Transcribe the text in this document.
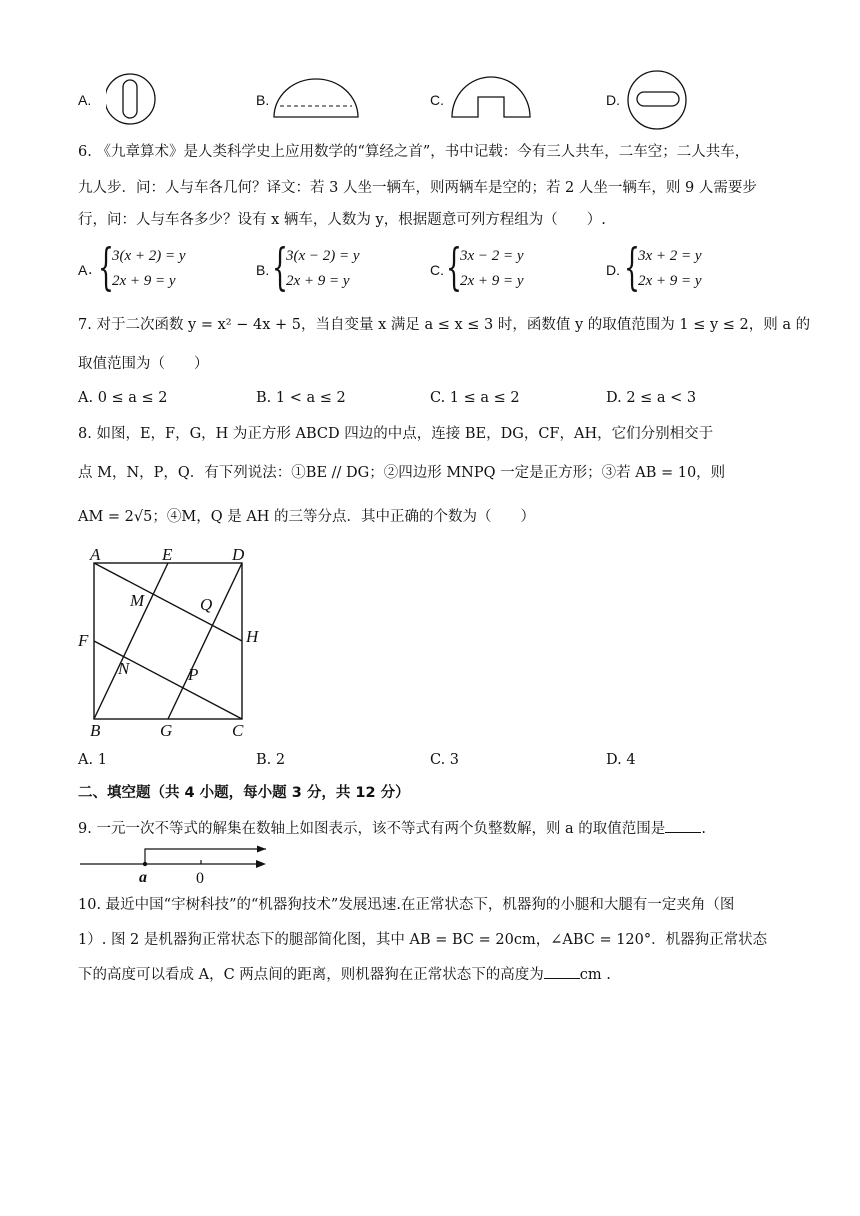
A.	B.	C.	D.
6. 《九章算术》是人类科学史上应用数学的“算经之首”，书中记载：今有三人共车，二车空；二人共车，
九人步．问：人与车各几何？译文：若 3 人坐一辆车，则两辆车是空的；若 2 人坐一辆车，则 9 人需要步
行，问：人与车各多少？设有 x 辆车，人数为 y，根据题意可列方程组为（　　）.
A . {
3(x + 2) = y
2x + 9 = y
B. {
3(x − 2) = y
2x + 9 = y
C. {
3x − 2 = y
2x + 9 = y
D. {
3x + 2 = y
2x + 9 = y
7. 对于二次函数 y = x² − 4x + 5，当自变量 x 满足 a ≤ x ≤ 3 时，函数值 y 的取值范围为 1 ≤ y ≤ 2，则 a 的
取值范围为（　　）
A. 0 ≤ a ≤ 2	B. 1 < a ≤ 2	C. 1 ≤ a ≤ 2	D. 2 ≤ a < 3
8. 如图，E，F，G，H 为正方形 ABCD 四边的中点，连接 BE，DG，CF，AH，它们分别相交于
点 M，N，P，Q．有下列说法：①BE // DG；②四边形 MNPQ 一定是正方形；③若 AB = 10，则
AM = 2√5；④M，Q 是 AH 的三等分点．其中正确的个数为（　　）
A	E	D
M	Q
F	H
N	P
B	G	C
A. 1	B. 2	C. 3	D. 4
二、填空题（共 4 小题，每小题 3 分，共 12 分）
9. 一元一次不等式的解集在数轴上如图表示，该不等式有两个负整数解，则 a 的取值范围是 .
a	0
10. 最近中国“宇树科技”的“机器狗技术”发展迅速.在正常状态下，机器狗的小腿和大腿有一定夹角（图
1）. 图 2 是机器狗正常状态下的腿部简化图，其中 AB = BC = 20cm，∠ABC = 120°．机器狗正常状态
下的高度可以看成 A，C 两点间的距离，则机器狗在正常状态下的高度为 cm .
